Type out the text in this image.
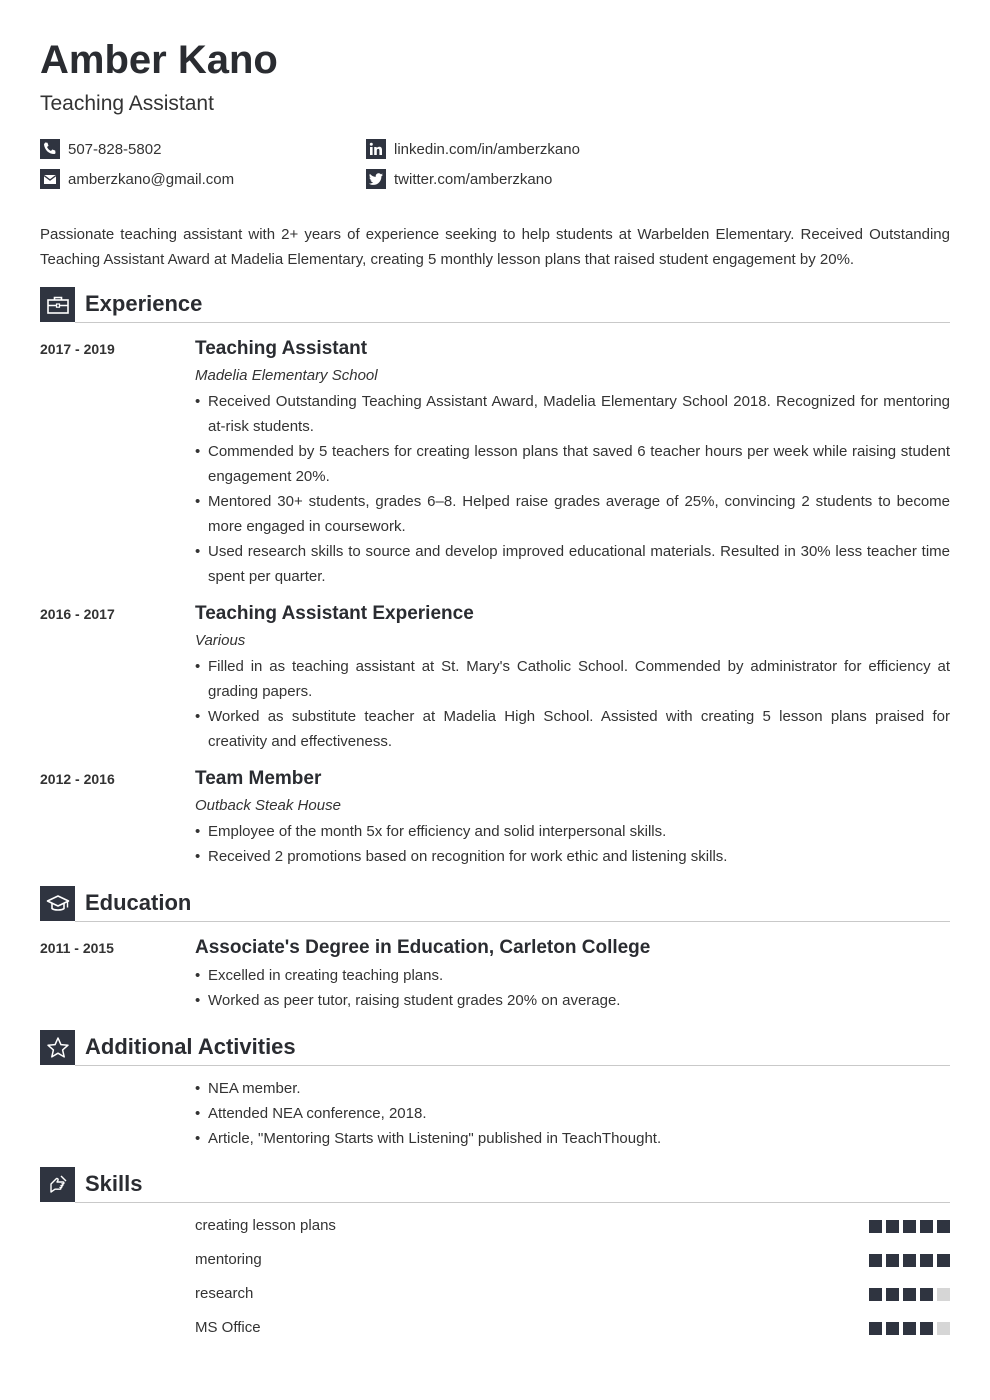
Amber Kano
Teaching Assistant
507-828-5802
amberzkano@gmail.com
linkedin.com/in/amberzkano
twitter.com/amberzkano

Passionate teaching assistant with 2+ years of experience seeking to help students at Warbelden Elementary. Received Outstanding Teaching Assistant Award at Madelia Elementary, creating 5 monthly lesson plans that raised student engagement by 20%.

Experience
2017 - 2019	Teaching Assistant
Madelia Elementary School
• Received Outstanding Teaching Assistant Award, Madelia Elementary School 2018. Recognized for mentoring at-risk students.
• Commended by 5 teachers for creating lesson plans that saved 6 teacher hours per week while raising student engagement 20%.
• Mentored 30+ students, grades 6–8. Helped raise grades average of 25%, convincing 2 students to become more engaged in coursework.
• Used research skills to source and develop improved educational materials. Resulted in 30% less teacher time spent per quarter.
2016 - 2017	Teaching Assistant Experience
Various
• Filled in as teaching assistant at St. Mary's Catholic School. Commended by administrator for efficiency at grading papers.
• Worked as substitute teacher at Madelia High School. Assisted with creating 5 lesson plans praised for creativity and effectiveness.
2012 - 2016	Team Member
Outback Steak House
• Employee of the month 5x for efficiency and solid interpersonal skills.
• Received 2 promotions based on recognition for work ethic and listening skills.
Education
2011 - 2015	Associate's Degree in Education, Carleton College
• Excelled in creating teaching plans.
• Worked as peer tutor, raising student grades 20% on average.
Additional Activities
• NEA member.
• Attended NEA conference, 2018.
• Article, "Mentoring Starts with Listening" published in TeachThought.
Skills
creating lesson plans
mentoring
research
MS Office
